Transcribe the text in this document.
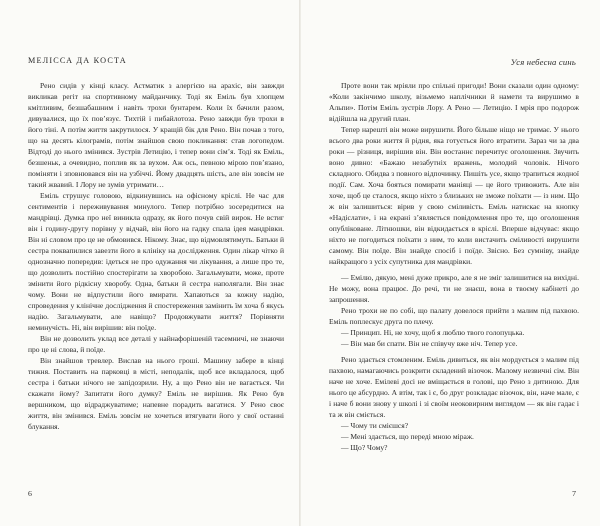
МЕЛІССА ДА КОСТА

Рено сидів у кінці класу. Астматик з алергією на арахіс, він завжди викликав регіт на спортивному майданчику. Тоді як Еміль був хлопцем кмітливим, безшабашним і навіть трохи бунтарем. Коли їх бачили разом, дивувалися, що їх пов’язує. Тихтій і пибайлотоза. Рено завжди був трохи в його тіні. А потім життя закрутилося. У кращій бік для Рено. Він почав з того, що на десять кілограмів, потім знайшов свою покликання: став логопедом. Відтоді до нього змінився. Зустрів Летицію, і тепер вони сім’я. Тоді як Еміль, безшеньк, а очевидно, поплив як за вухом. Аж ось, певною мірою пов’язано, поміняти і зповнювався він на узбіччі. Йому двадцять шість, але він зовсім не такий жвавий. І Лору не зумів утримати…

Еміль струшує головою, відкинувшись на офісному кріслі. Не час для сентиментів і переживування минулого. Тепер потрібно зосередитися на мандрівці. Думка про неї виникла одразу, як його почув свій вирок. Не встиг він і годину-другу порівну у відчай, він його на гадку спала ідея мандрівки. Він ні словом про це не обмовився. Нікому. Знає, що відмовлятимуть. Батьки й сестра поквапилися завезти його в клініку на дослідження. Один лікар чітко й однозначно попередив: ідеться не про одужання чи лікування, а лише про те, що дозволить постійно спостерігати за хворобою. Загальмувати, може, проте змінити його рідкісну хворобу. Одна, батьки й сестра наполягали. Він знає чому. Вони не відпустили його вмирати. Хапаються за кожну надію, спроведення у клінічне дослідження й спостереження замінить їм хоча б якусь надію. Загальмувати, але навіщо? Продовжувати життя? Порівняти неминучість. Ні, він вирішив: він поїде.

Він не дозволить уклад все деталі у найнафорішеній тасемничі, не знаючи про це ні слова, й поїде.

Він знайшов тревлер. Вислав на нього гроші. Машину забере в кінці тижня. Поставить на парковці в місті, неподалік, щоб все вкладалося, щоб сестра і батьки нічого не запідозрили. Ну, а що Рено він не вагається. Чи скажати йому? Запитати його думку? Еміль не вирішив. Як Рено був вершником, що відраджуватиме; напевне порадить вагатися. У Рено своє життя, він змінився. Еміль зовсім не хочеться втягувати його у свої останні блукання.

6
Уся небесна синь

Проте вони так мріяли про спільні пригоди! Вони сказали один одному: «Коли закінчимо школу, візьмемо наплічники й намети та вирушимо в Альпи». Потім Еміль зустрів Лору. А Рено — Летицію. І мрія про подорож відійшла на другий план.

Тепер нарешті він може вирушити. Його більше ніщо не тримає. У нього всього два роки життя й рідня, яка готується його втратити. Зараз чи за два роки — різниця, вирішив він. Він востаннє перечитує оголошення. Звучить воно дивно: «Бажаю незабутніх вражень, молодий чоловік. Нічого складного. Обидва з повного відпочинку. Пишіть усе, якщо трапиться жодної події. Сам. Хоча бояться помирати маніяці — це його тривожить. Але він хоче, щоб це сталося, якщо ніхто з близьких не зможе поїхати — із ним. Що ж він залишиться: вірив у свою сміливість. Еміль натискає на кнопку «Надіслати», і на екрані з’являється повідомлення про те, що оголошення опубліковане. Літнюшки, він відкидається в кріслі. Вперше відчуває: якщо ніхто не погодиться поїхати з ним, то коли вистачить сміливості вирушити самому. Він поїде. Він знайде спосіб і поїде. Звісно. Без сумніву, знайде найкращого з усіх супутника для мандрівки.

— Емілю, дякую, мені дуже прикро, але я не зміг залишитися на вихідні. Не можу, вона працює. До речі, ти не знаєш, вона в твоєму кабінеті до запрошення.

Рено трохи не по собі, що палату довелося прийти з малим під пахвою. Еміль поплескує друга по плечу.

— Принцип. Ні, не хочу, щоб я люблю твого голопуцька.

— Він мав би спати. Він не співучу вже ніч. Тепер усе.

Рено здається стомленим. Еміль дивиться, як він мордується з малим під пахвою, намагаючись розкрити складений візочок. Малому незвичні сім. Він наче не хоче. Емілеві досі не вміщається в голові, що Рено з дитиною. Для нього це абсурдно. А втім, так і є, бо друг розкладає візочок, він, наче мале, є і наче б вони знову у школі і зі своїм неоковирним виглядом — як він гадає і та ж він сміється.

— Чому ти смієшся?

— Мені здається, що переді мною міраж.

— Що? Чому?

7
